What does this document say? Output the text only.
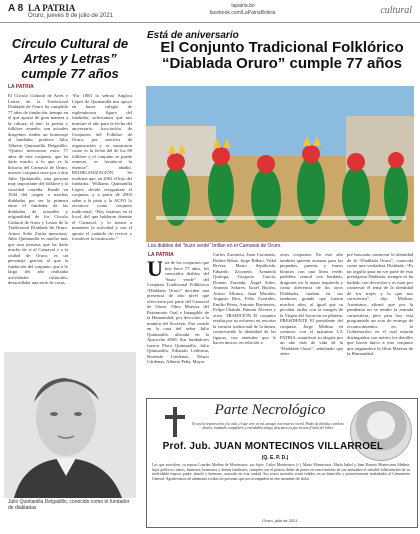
A 8 LA PATRIA
Oruro, jueves 8 de julio de 2021
lapatria.bo
facebook.com/LaPatriaBolivia	cultural
Círculo Cultural de Artes y Letras” cumple 77 años
LA PATRIA
El Círculo Cultural de Artes y Letras de la Tradicional Diablada de Oruro ha cumplido 77 años de fundación, tiempo en el que aportó de gran manera a la cultura, el arte, la poesía y folklore orureño, son actuales dirigentes rinden un homenaje al fundador, profesor Julio Alberto Quintanilla Delgadillo. “Quiero mencionar estos 77 años de este conjunto, que ha dado mucho a lo que es la historia del Carnaval de Oruro, nuestro conjunto nace por a don Julio Quintanilla, una persona muy importante del folklore y la sociedad orureña. Fundó en 1944 del origen a muchas diabladas por ser la primera entre el fundador de las diabladas de oriundez y originalidad de los Círculo Cultural de Artes y Letras de la Tradicional Diablada de Oruro. Arturo Solíz Zurita mencionó. Julio Quintanilla es mucho más que una persona que ha dado mucho de sí al Carnaval y a la ciudad de Oruro, es un personaje gracias al que la fundación del conjunto, que a lo largo del año realizaba actividades culturales, desarrollaba una serie de cosas.
“En 1883 la señora Anglica López de Quintanilla nos apoyó en hacer colegio de esplendorosa figura del fundador, solicitamos que nos muestre el año para la fecha del aniversario. Asociación de Conjuntos del Folklore de Oruro, por motivos de organización y se mostraron como es la fecha del de los 80 folklore y el conjunto se puede renovar, se fortaleció la esencia”, añadió. REORGANIZACIÓN Se reafirma que, en 2002 el hijo del fundador, Williams Quintanilla López, decide reorganizar el conjunto, y a partir de 2003 salen a la pista y la ACFO lo reconoce como conjunto tradicional. “Hoy estamos en el local, del que hablaron durante el Carnaval, y lo tienen a mantener la actividad y con el aporte el cuidado de revivir y fortalecer la institución.”
Julio Quintanilla Delgadillo, conocido como el fundador de diabladas
Está de aniversario
El Conjunto Tradicional Folklórico “Diablada Oruro” cumple 77 años
Los diablos del “buzo verde” brillan en el Carnaval de Oruro.
LA PATRIA
Una de los conjuntos que hoy hace 77 años, los conocidos diablos del “buzo verde” del Conjunto Tradicional Folklórico “Diablada Oruro” deciden una presencia de alto nivel que ofrecieron por parte del Carnaval de Oruro, Obra Maestra del Patrimonio Oral e Intangible de la Humanidad, por devoción a la mamita del Socavón. Fue creado en la casa del señor Julio Quintanilla, ubicada en la Ayacucho #949. Sus fundadores fueron Flora Quintanilla, Julio Quintanilla, Eduardo Ledezma, Rosendo Cárdenas, Néstor Cárdenas, Alberto Peña, Mayor
Carlos Zaconeta, Juan Coronado, Rufino Ribas. Jorge Bilbao, Vidal Rivera, Mario Sepúlveda, Eduardo Zaconeta, Armando Quiroga, Gregorio García, Donato Zaranda, Ángel Soles, Antonio Solares, Israel Butrón, Arturo Allunco, Juan Morales, Augusto Ríos, Félix Gonzales, Emilio Pérez, Antonio Barrientos, Felipe Chambi, Ramón Álvarez y otros. TRADICIÓN El conjunto resalta por su esfuerzo en rescatar la esencia tradicional de la danza, conservando la identidad de las figuras, con atuendos que le hacen únicos, en relación a
otros conjuntos. En este año también quieren avanzar para las pequeñas, puertas y buzos blancos con una línea verde, pañoleta central con bordado, dragones en la mano izquierda y como diferencia de los otros Diabladas, usaban en sus tambores grande que fueron muchos años, al igual que su peculiar arriba con la imagen de la Virgen del Socavón en plateria. PRESIDENTE El presidente del conjunto, Jorge Medina en contacto con el matutino LA PATRIA, manifestó su alegría por un año más de vida de la “Diablada Oruro”, señalando que siem-
pre buscarán conservar la identidad de la “Diablada Oruro”, conocida como una verdadera Diablada. “Es un orgullo para mi ser parte de esta prestigiosa Diablada, siempre se ha bailado con devoción y es mon por conservar el tema de la identidad de los trajes y lo que nos caracteriza”, dijo Medina. Asimismo, afirmó que por la pandemia no se tendrá la entrada carnavalera, pero para hoy está programado un acto de entrega de reconocimientos en la Gobernación, en el cual estarán distinguidos con mérito los detalles que hacen único a este conjunto que engrandece la Obra Maestra de la Humanidad.
Parte Necrológico
Yo soy la resurrección y la vida; el que cree en mí, aunque esté muerto, vivirá. Padre de familia, cariñoso abuelo, estimado compañero y entrañable amigo, descansa en paz eterna al lado del Señor.
Prof. Jub. JUAN MONTECINOS VILLARROEL
(Q. E. P. D.)
Los que suscriben, su esposa Lourdes Medina de Montecinos, sus hijos: Carlos Montecinos (+), Mario Montecinos, María Isabel y Juan Ramiro Montecinos Medina; hijos políticos, nietos, bisnietos, hermanos y demás familiares, cumplen con el penoso deber de poner en conocimiento de sus amistades el sensible fallecimiento de su inolvidable esposo, padre, abuelo y hermano, acaecido en esta ciudad. Sus restos mortales serán velados en su domicilio y posteriormente trasladados al Cementerio General. Agradecemos de antemano a todas las personas que nos acompañen en este momento de dolor.
Oruro, julio de 2021
